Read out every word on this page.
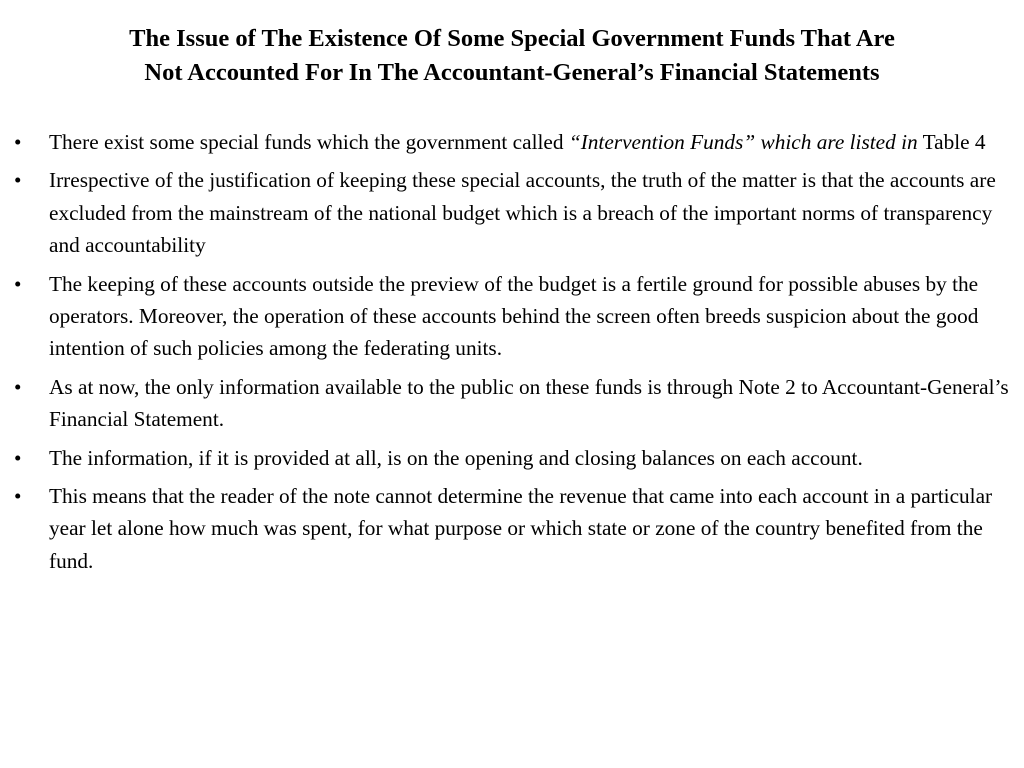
The Issue of The Existence Of Some Special Government Funds That Are
Not Accounted For In The Accountant-General’s Financial Statements
• There exist some special funds which the government called “Intervention Funds” which are listed in Table 4
• Irrespective of the justification of keeping these special accounts, the truth of the matter is that the accounts are excluded from the mainstream of the national budget which is a breach of the important norms of transparency and accountability
• The keeping of these accounts outside the preview of the budget is a fertile ground for possible abuses by the operators. Moreover, the operation of these accounts behind the screen often breeds suspicion about the good intention of such policies among the federating units.
• As at now, the only information available to the public on these funds is through Note 2 to Accountant-General’s Financial Statement.
• The information, if it is provided at all, is on the opening and closing balances on each account.
• This means that the reader of the note cannot determine the revenue that came into each account in a particular year let alone how much was spent, for what purpose or which state or zone of the country benefited from the fund.
